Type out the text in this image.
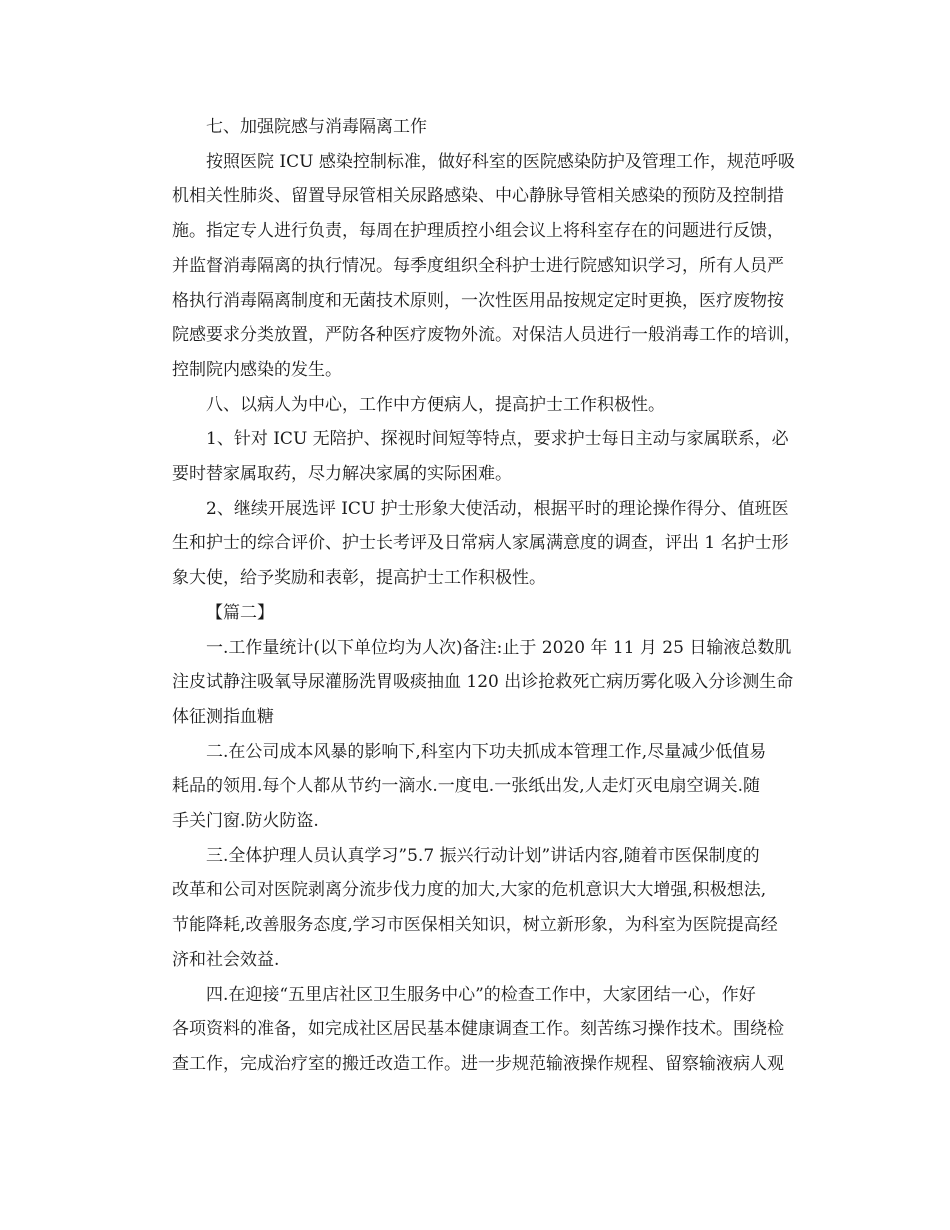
七、加强院感与消毒隔离工作
按照医院 ICU 感染控制标准，做好科室的医院感染防护及管理工作，规范呼吸
机相关性肺炎、留置导尿管相关尿路感染、中心静脉导管相关感染的预防及控制措
施。指定专人进行负责，每周在护理质控小组会议上将科室存在的问题进行反馈，
并监督消毒隔离的执行情况。每季度组织全科护士进行院感知识学习，所有人员严
格执行消毒隔离制度和无菌技术原则，一次性医用品按规定定时更换，医疗废物按
院感要求分类放置，严防各种医疗废物外流。对保洁人员进行一般消毒工作的培训，
控制院内感染的发生。
八、以病人为中心，工作中方便病人，提高护士工作积极性。
1、针对 ICU 无陪护、探视时间短等特点，要求护士每日主动与家属联系，必
要时替家属取药，尽力解决家属的实际困难。
2、继续开展选评 ICU 护士形象大使活动，根据平时的理论操作得分、值班医
生和护士的综合评价、护士长考评及日常病人家属满意度的调查，评出 1 名护士形
象大使，给予奖励和表彰，提高护士工作积极性。
【篇二】
一.工作量统计(以下单位均为人次)备注:止于 2020 年 11 月 25 日输液总数肌
注皮试静注吸氧导尿灌肠洗胃吸痰抽血 120 出诊抢救死亡病历雾化吸入分诊测生命
体征测指血糖
二.在公司成本风暴的影响下,科室内下功夫抓成本管理工作,尽量减少低值易
耗品的领用.每个人都从节约一滴水.一度电.一张纸出发,人走灯灭电扇空调关.随
手关门窗.防火防盗.
三.全体护理人员认真学习”5.7 振兴行动计划”讲话内容,随着市医保制度的
改革和公司对医院剥离分流步伐力度的加大,大家的危机意识大大增强,积极想法,
节能降耗,改善服务态度,学习市医保相关知识，树立新形象，为科室为医院提高经
济和社会效益.
四.在迎接“五里店社区卫生服务中心”的检查工作中，大家团结一心，作好
各项资料的准备，如完成社区居民基本健康调查工作。刻苦练习操作技术。围绕检
查工作，完成治疗室的搬迁改造工作。进一步规范输液操作规程、留察输液病人观
